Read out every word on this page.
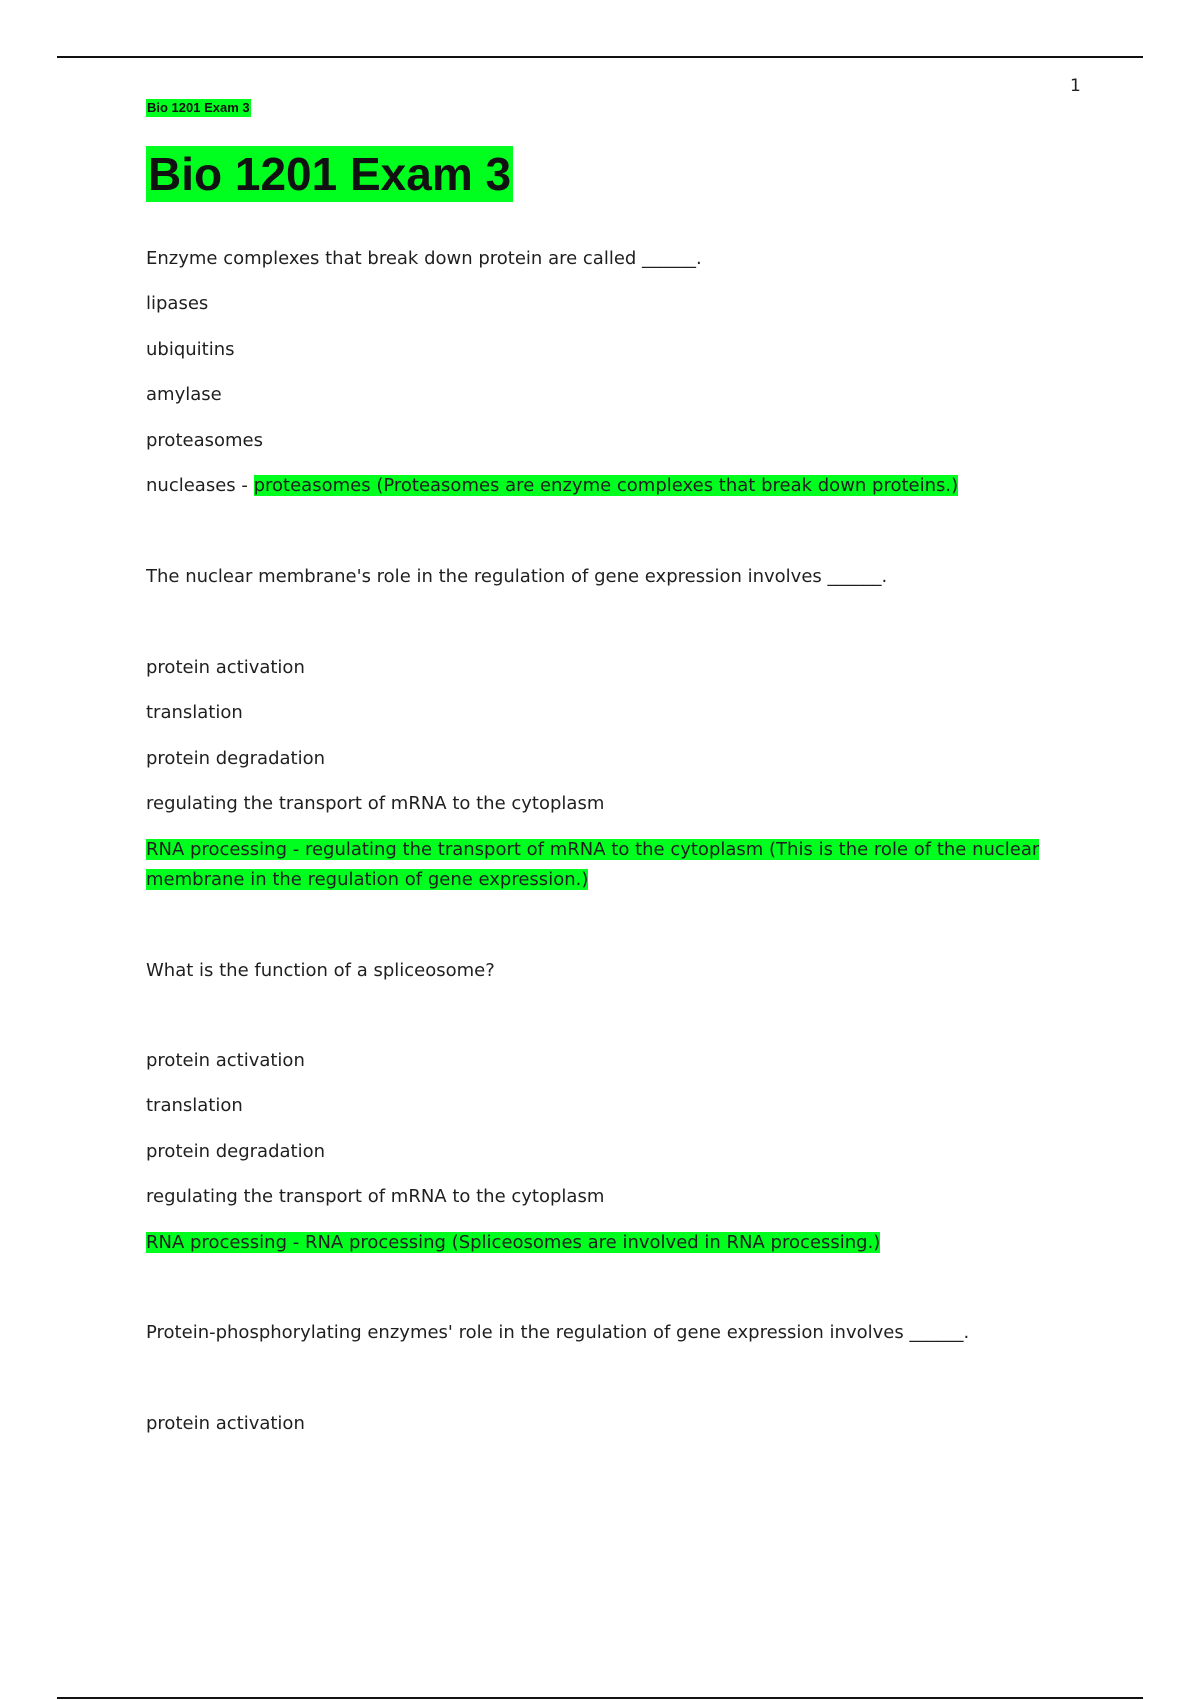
1
Bio 1201 Exam 3
Bio 1201 Exam 3
Enzyme complexes that break down protein are called ______.
lipases
ubiquitins
amylase
proteasomes
nucleases - proteasomes (Proteasomes are enzyme complexes that break down proteins.)
The nuclear membrane's role in the regulation of gene expression involves ______.
protein activation
translation
protein degradation
regulating the transport of mRNA to the cytoplasm
RNA processing - regulating the transport of mRNA to the cytoplasm (This is the role of the nuclear
membrane in the regulation of gene expression.)
What is the function of a spliceosome?
protein activation
translation
protein degradation
regulating the transport of mRNA to the cytoplasm
RNA processing - RNA processing (Spliceosomes are involved in RNA processing.)
Protein-phosphorylating enzymes' role in the regulation of gene expression involves ______.
protein activation
